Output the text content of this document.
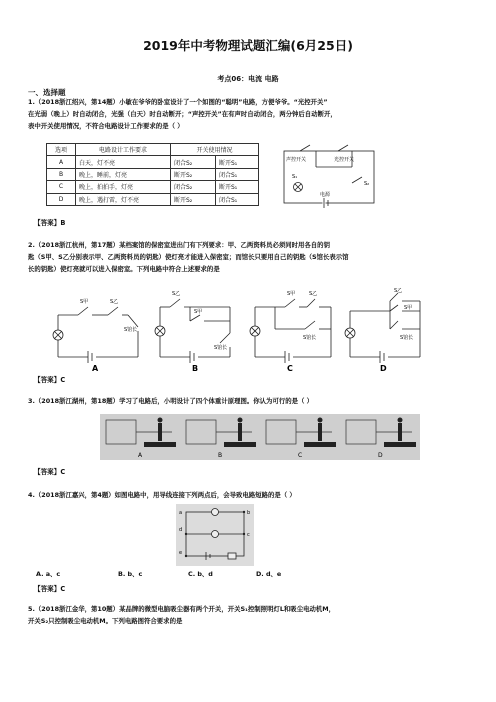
2019年中考物理试题汇编(6月25日)
考点06：电流 电路
一、选择题
1.（2018浙江绍兴，第14题）小敏在爷爷的卧室设计了一个如图的“聪明”电路，方便爷爷。“光控开关”
在光弱（晚上）时自动闭合，光强（白天）时自动断开；“声控开关”在有声时自动闭合，两分钟后自动断开，
表中开关使用情况，不符合电路设计工作要求的是（ ）
选项	电路设计工作要求	开关使用情况	
A	白天，灯不亮	闭合S₂	断开S₁
B	晚上，睡前，灯亮	断开S₂	闭合S₁
C	晚上，拍拍手，灯亮	闭合S₂	断开S₁
D	晚上，遇打雷，灯不亮	断开S₂	闭合S₁
声控开关	光控开关
S₁
S₂
电源
【答案】B
2.（2018浙江杭州，第17题）某档案馆的保密室进出门有下列要求：甲、乙两资料员必须同时用各自的钥
匙（S甲、S乙分别表示甲、乙两资料员的钥匙）使灯亮才能进入保密室；而馆长只要用自己的钥匙（S馆长表示馆
长的钥匙）使灯亮就可以进入保密室。下列电路中符合上述要求的是
S甲	S乙
S馆长
A
S乙
S甲
S馆长
B
S甲	S乙
S馆长
C
S乙
S甲
S馆长
D
【答案】C
3.（2018浙江湖州，第18题）学习了电路后，小明设计了四个体重计原理图。你认为可行的是（ ）
A	B	C	D
【答案】C
4.（2018浙江嘉兴，第4题）如图电路中，用导线连接下列两点后，会导致电路短路的是（ ）
a	b
c
d
e
A. a、c	B. b、c	C. b、d	D. d、e
【答案】C
5.（2018浙江金华，第10题）某品牌的微型电脑吸尘器有两个开关，开关S₁控制照明灯L和吸尘电动机M，
开关S₂只控制吸尘电动机M。下列电路图符合要求的是
